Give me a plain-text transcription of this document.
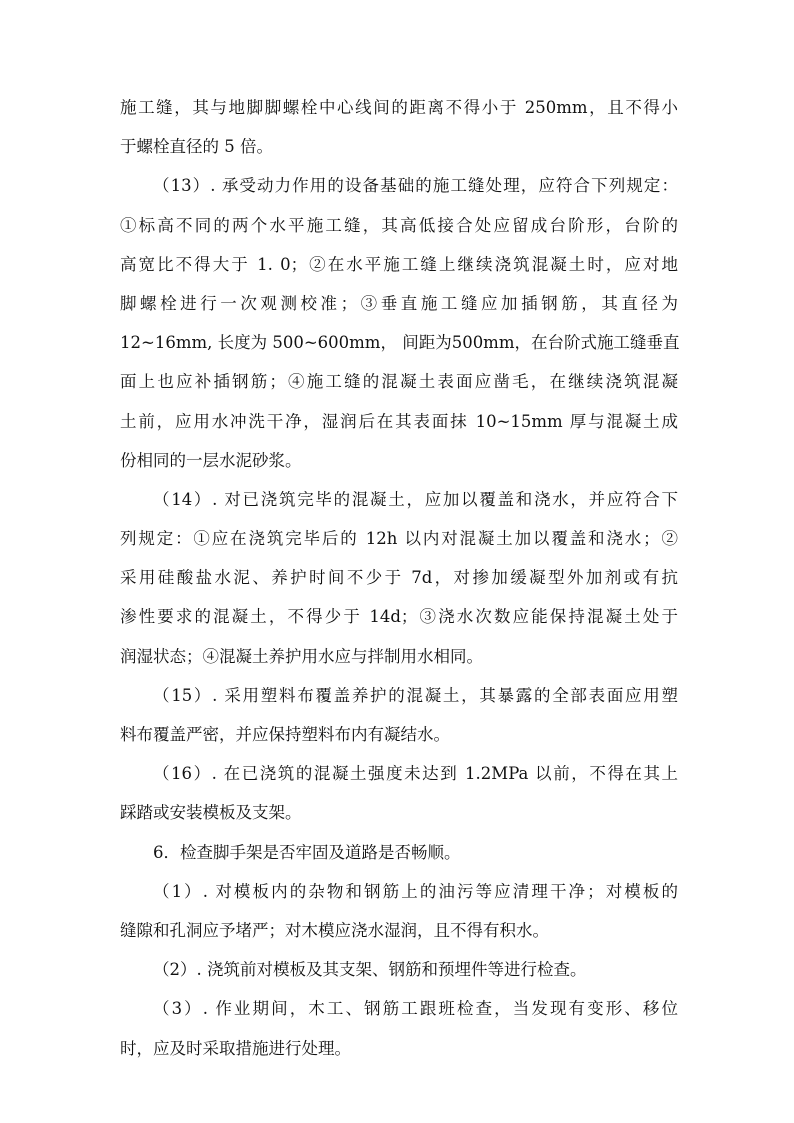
施工缝，其与地脚脚螺栓中心线间的距离不得小于 250mm，且不得小
于螺栓直径的 5 倍。
（13）. 承受动力作用的设备基础的施工缝处理，应符合下列规定：
①标高不同的两个水平施工缝，其高低接合处应留成台阶形，台阶的
高宽比不得大于 1. 0；②在水平施工缝上继续浇筑混凝土时，应对地
脚螺栓进行一次观测校准；③垂直施工缝应加插钢筋，其直径为
12~16mm, 长度为 500~600mm， 间距为500mm，在台阶式施工缝垂直
面上也应补插钢筋；④施工缝的混凝土表面应凿毛，在继续浇筑混凝
土前，应用水冲洗干净，湿润后在其表面抹 10~15mm 厚与混凝土成
份相同的一层水泥砂浆。
（14）. 对已浇筑完毕的混凝土，应加以覆盖和浇水，并应符合下
列规定：①应在浇筑完毕后的 12h 以内对混凝土加以覆盖和浇水；②
采用硅酸盐水泥、养护时间不少于 7d，对掺加缓凝型外加剂或有抗
渗性要求的混凝土，不得少于 14d；③浇水次数应能保持混凝土处于
润湿状态；④混凝土养护用水应与拌制用水相同。
（15）. 采用塑料布覆盖养护的混凝土，其暴露的全部表面应用塑
料布覆盖严密，并应保持塑料布内有凝结水。
（16）. 在已浇筑的混凝土强度未达到 1.2MPa 以前，不得在其上
踩踏或安装模板及支架。
6．检查脚手架是否牢固及道路是否畅顺。
（1）. 对模板内的杂物和钢筋上的油污等应清理干净；对模板的
缝隙和孔洞应予堵严；对木模应浇水湿润，且不得有积水。
（2）. 浇筑前对模板及其支架、钢筋和预埋件等进行检查。
（3）. 作业期间，木工、钢筋工跟班检查，当发现有变形、移位
时，应及时采取措施进行处理。
